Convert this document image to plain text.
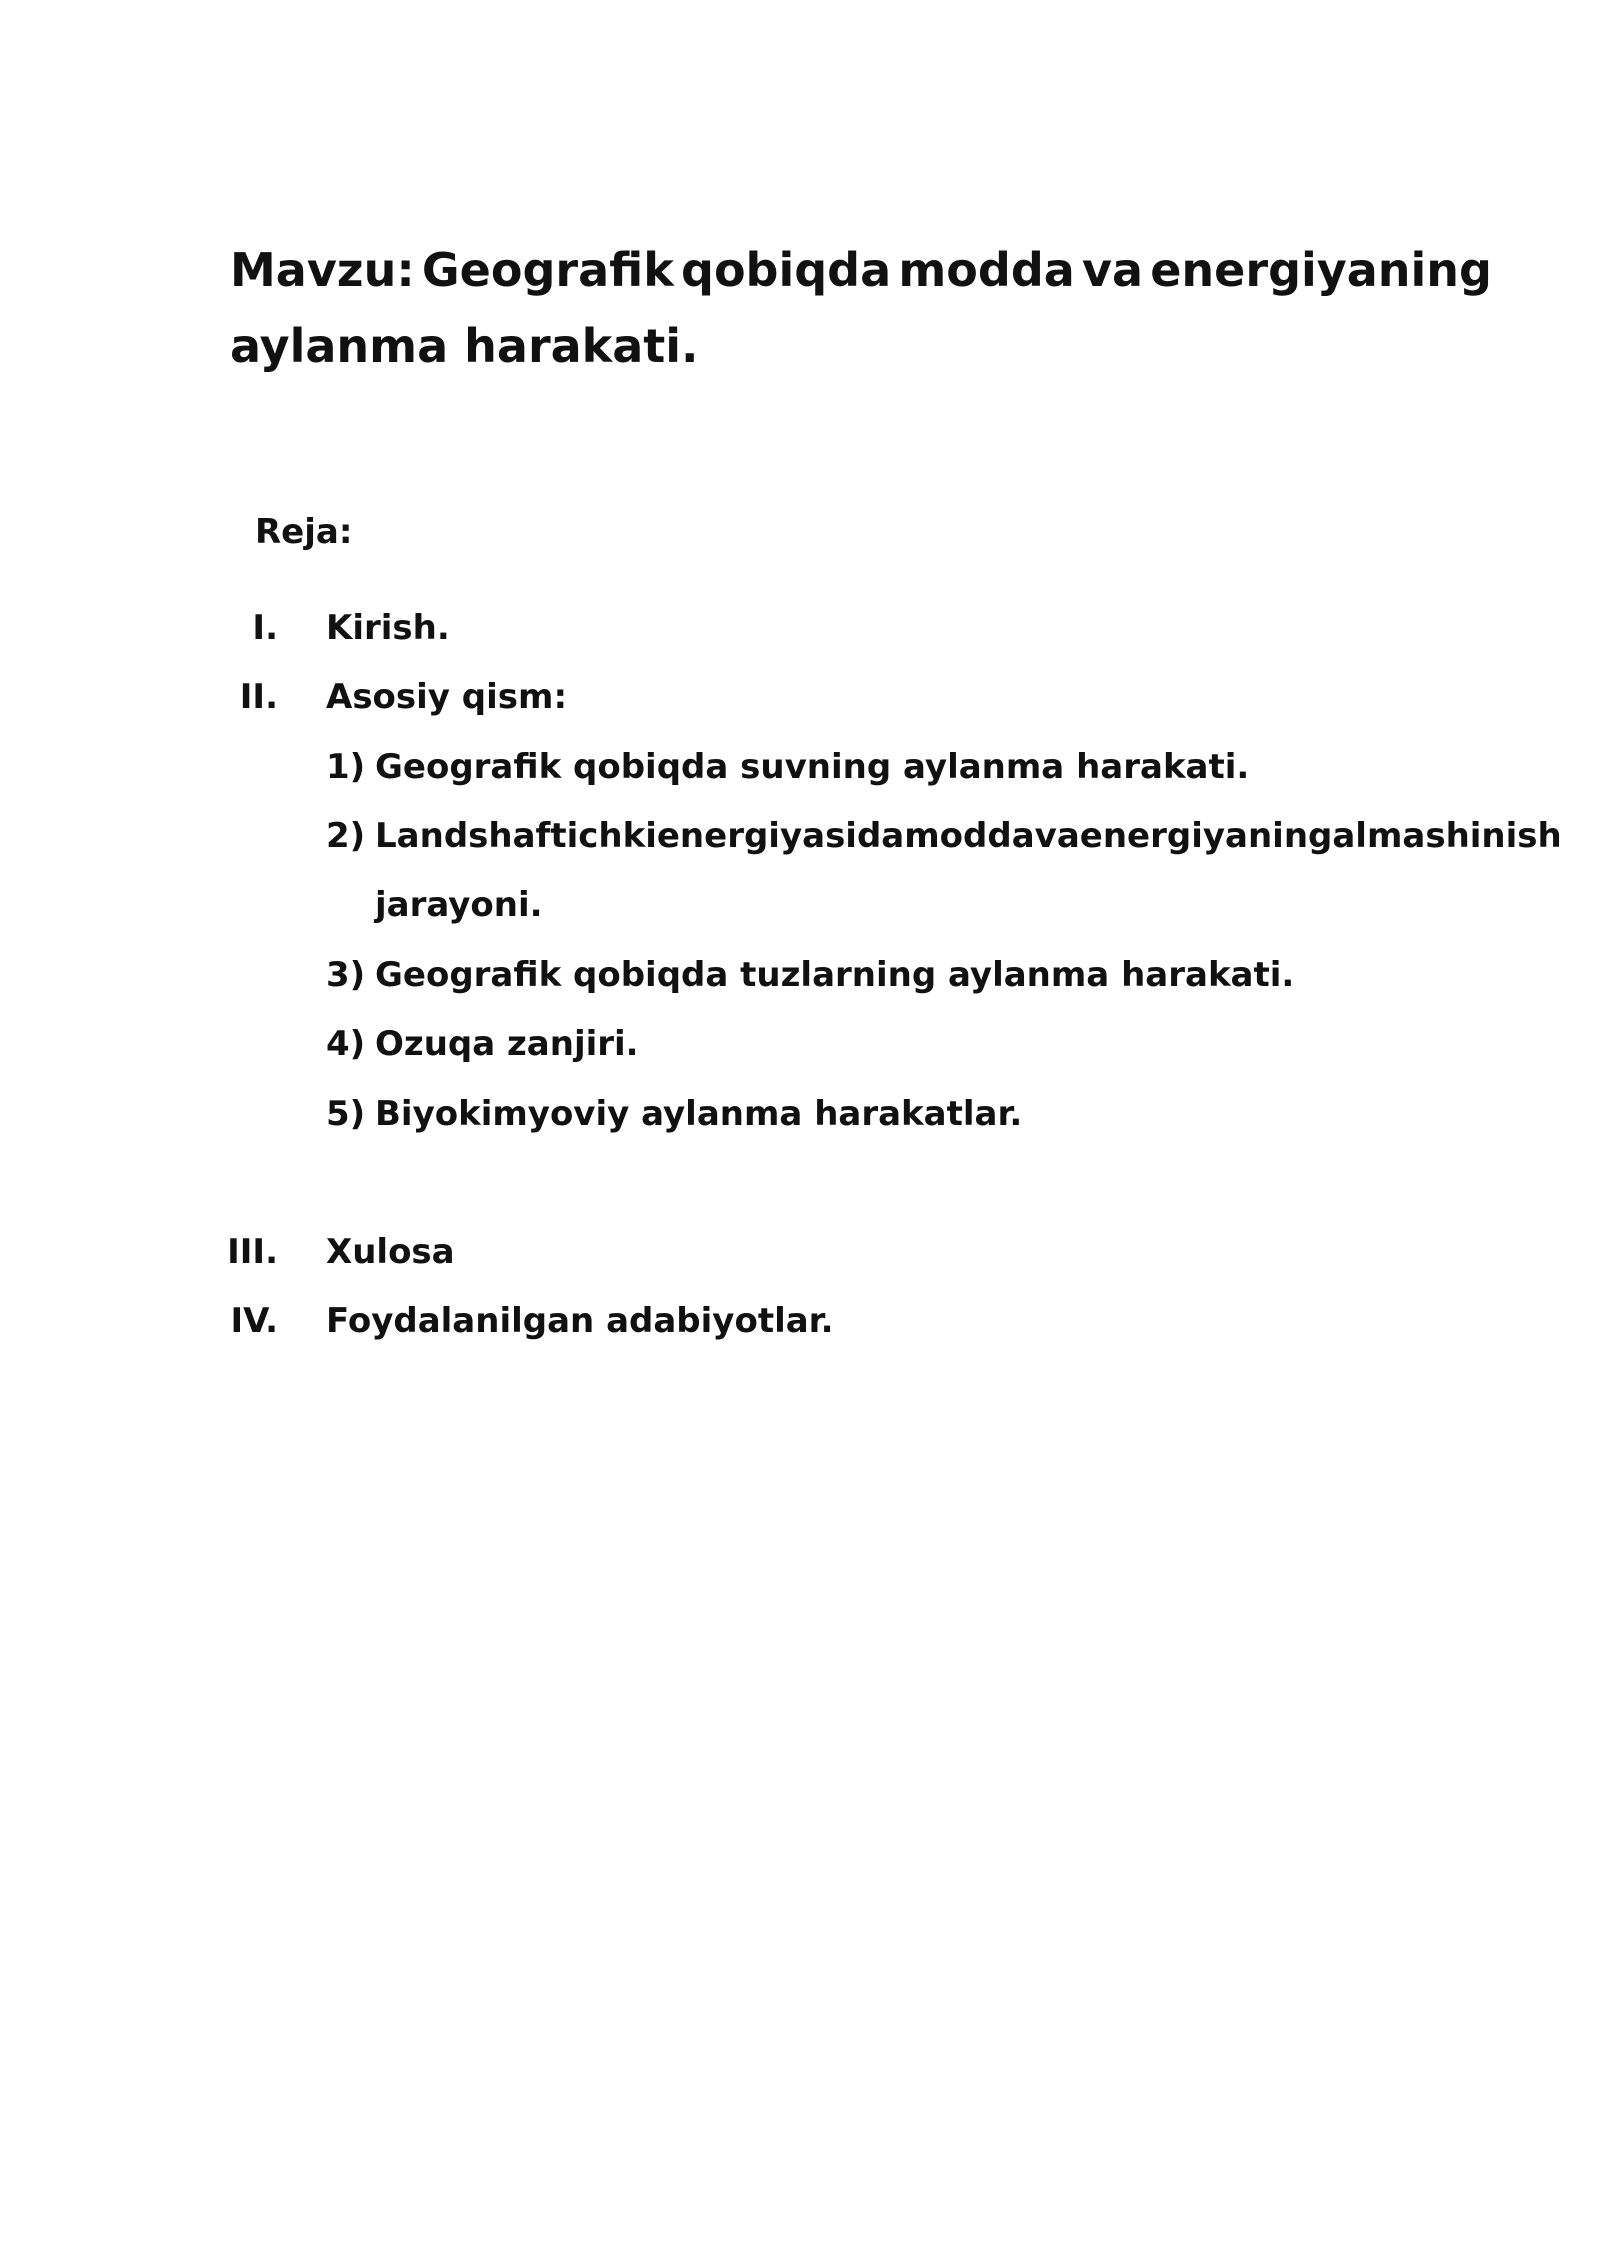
Mavzu: Geografik qobiqda modda va energiyaning
aylanma harakati.
Reja:
I. Kirish.
II. Asosiy qism:
1) Geografik qobiqda suvning aylanma harakati.
2) Landshaft ichki energiyasida modda va energiyaning almashinish
jarayoni.
3) Geografik qobiqda tuzlarning aylanma harakati.
4) Ozuqa zanjiri.
5) Biyokimyoviy aylanma harakatlar.
III. Xulosa
IV. Foydalanilgan adabiyotlar.
